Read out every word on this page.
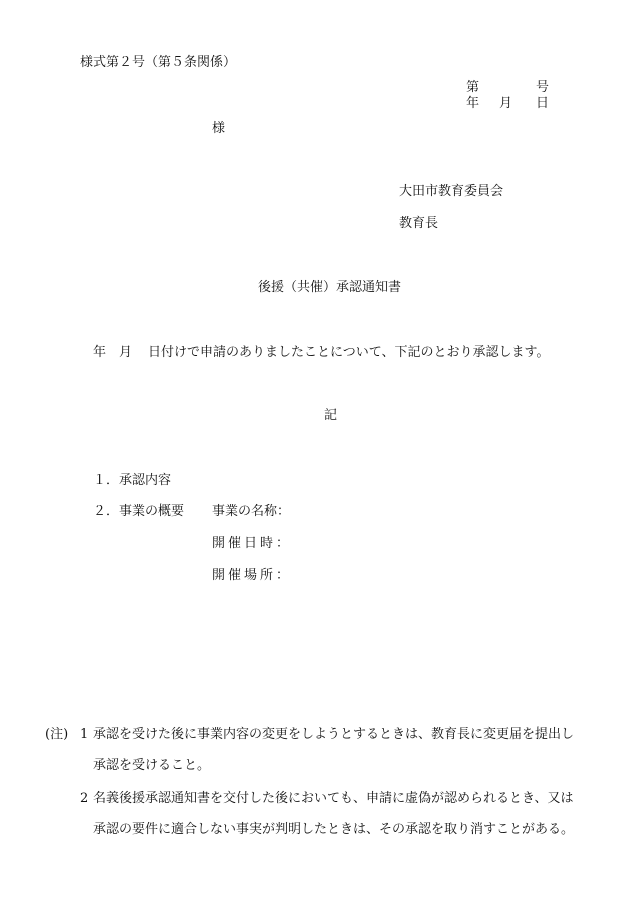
様式第２号（第５条関係）
第	号
年 月 日
様
大田市教育委員会
教育長
後援（共催）承認通知書
年 月 日付けで申請のありましたことについて、下記のとおり承認します。
記
１．承認内容
２．事業の概要 事業の名称：
開催日時：
開催場所：
(注) 1 承認を受けた後に事業内容の変更をしようとするときは、教育長に変更届を提出し
承認を受けること。
2 名義後援承認通知書を交付した後においても、申請に虚偽が認められるとき、又は
承認の要件に適合しない事実が判明したときは、その承認を取り消すことがある。
